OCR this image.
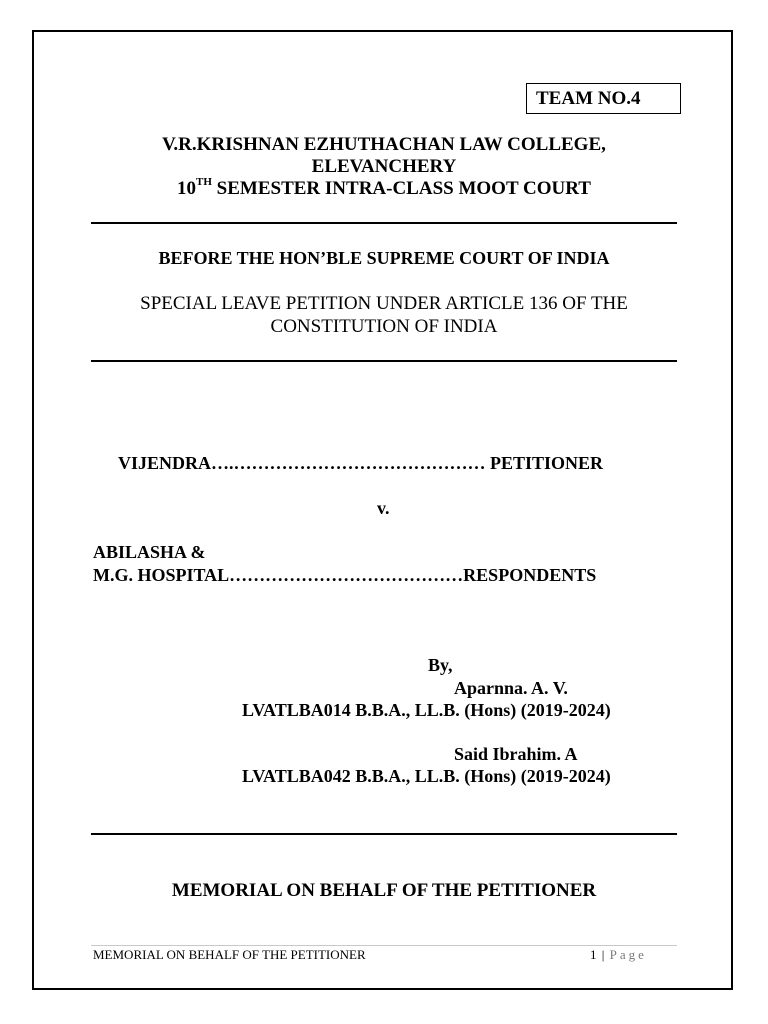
TEAM NO.4
V.R.KRISHNAN EZHUTHACHAN LAW COLLEGE,
ELEVANCHERY
10TH SEMESTER INTRA-CLASS MOOT COURT
BEFORE THE HON’BLE SUPREME COURT OF INDIA
SPECIAL LEAVE PETITION UNDER ARTICLE 136 OF THE
CONSTITUTION OF INDIA
VIJENDRA….…………………………………… PETITIONER
v.
ABILASHA &
M.G. HOSPITAL…………………………………RESPONDENTS
By,
Aparnna. A. V.
LVATLBA014 B.B.A., LL.B. (Hons) (2019-2024)
Said Ibrahim. A
LVATLBA042 B.B.A., LL.B. (Hons) (2019-2024)
MEMORIAL ON BEHALF OF THE PETITIONER
MEMORIAL ON BEHALF OF THE PETITIONER	1 | Page
